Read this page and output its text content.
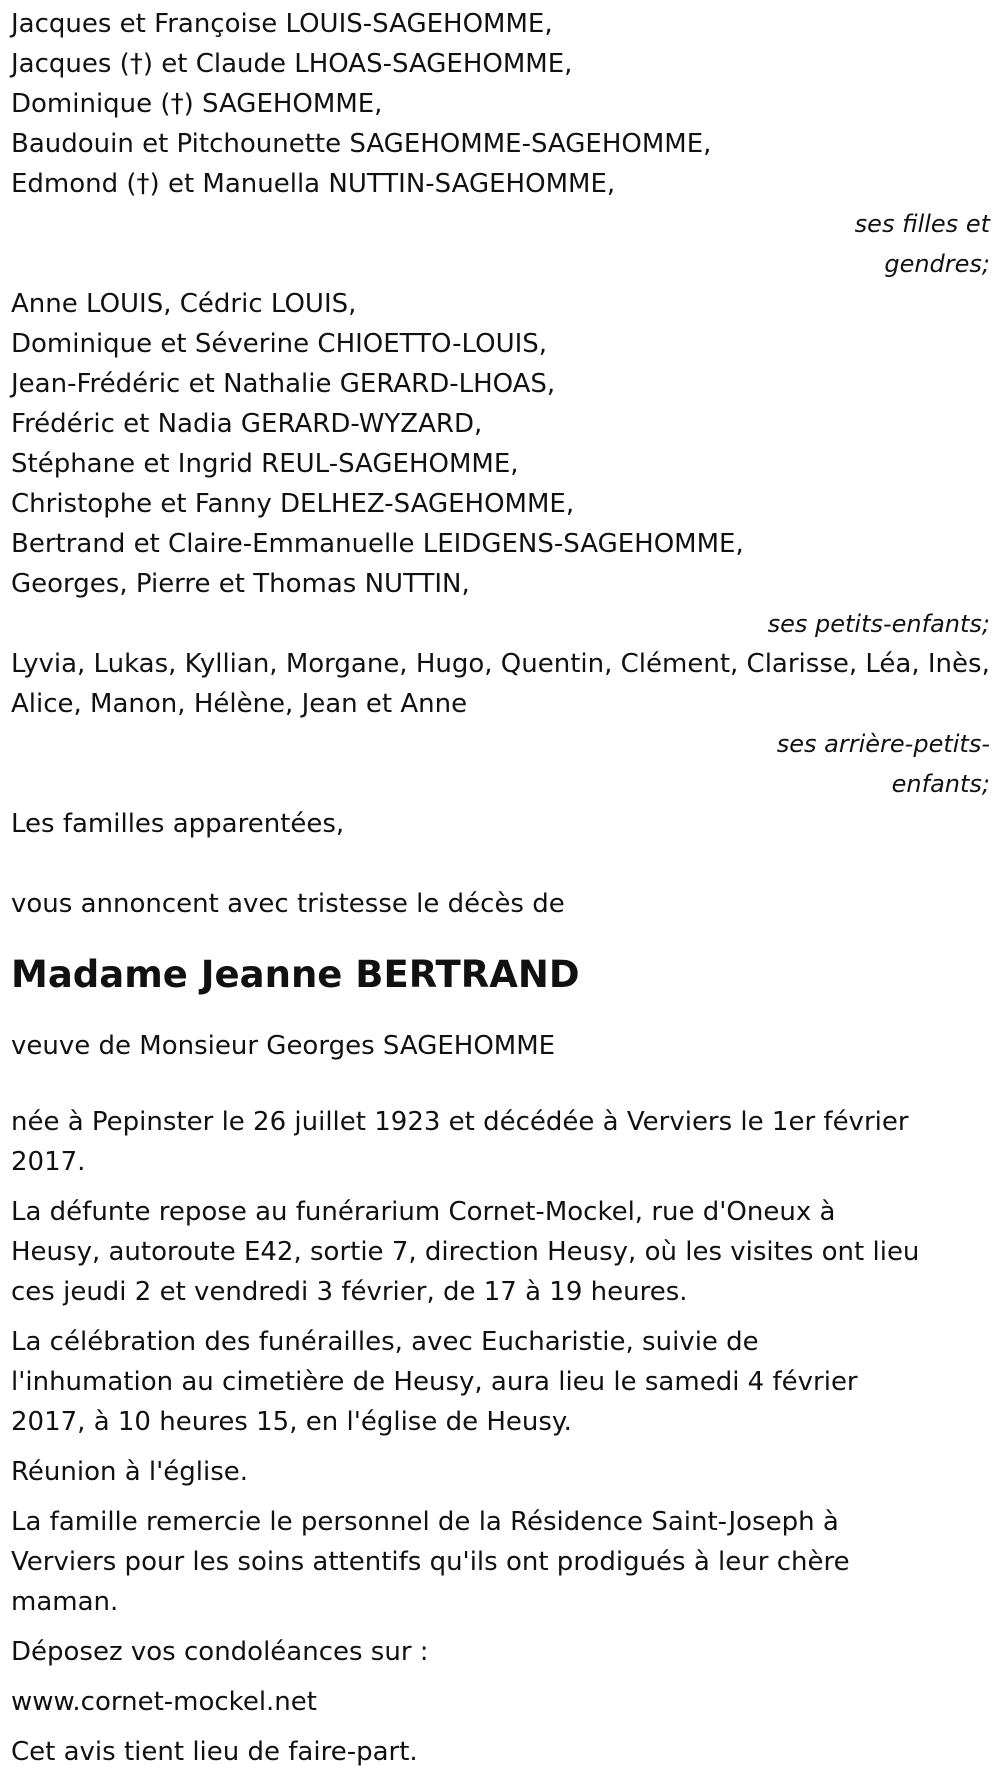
Jacques et Françoise LOUIS-SAGEHOMME,

Jacques (†) et Claude LHOAS-SAGEHOMME,

Dominique (†) SAGEHOMME,

Baudouin et Pitchounette SAGEHOMME-SAGEHOMME,

Edmond (†) et Manuella NUTTIN-SAGEHOMME,

ses filles et

gendres;

Anne LOUIS, Cédric LOUIS,

Dominique et Séverine CHIOETTO-LOUIS,

Jean-Frédéric et Nathalie GERARD-LHOAS,

Frédéric et Nadia GERARD-WYZARD,

Stéphane et Ingrid REUL-SAGEHOMME,

Christophe et Fanny DELHEZ-SAGEHOMME,

Bertrand et Claire-Emmanuelle LEIDGENS-SAGEHOMME,

Georges, Pierre et Thomas NUTTIN,

ses petits-enfants;

Lyvia, Lukas, Kyllian, Morgane, Hugo, Quentin, Clément, Clarisse, Léa, Inès,

Alice, Manon, Hélène, Jean et Anne

ses arrière-petits-

enfants;

Les familles apparentées,

vous annoncent avec tristesse le décès de

Madame Jeanne BERTRAND

veuve de Monsieur Georges SAGEHOMME

née à Pepinster le 26 juillet 1923 et décédée à Verviers le 1er février 2017.

La défunte repose au funérarium Cornet-Mockel, rue d'Oneux à Heusy, autoroute E42, sortie 7, direction Heusy, où les visites ont lieu ces jeudi 2 et vendredi 3 février, de 17 à 19 heures.

La célébration des funérailles, avec Eucharistie, suivie de l'inhumation au cimetière de Heusy, aura lieu le samedi 4 février 2017, à 10 heures 15, en l'église de Heusy.

Réunion à l'église.

La famille remercie le personnel de la Résidence Saint-Joseph à Verviers pour les soins attentifs qu'ils ont prodigués à leur chère maman.

Déposez vos condoléances sur :

www.cornet-mockel.net

Cet avis tient lieu de faire-part.
